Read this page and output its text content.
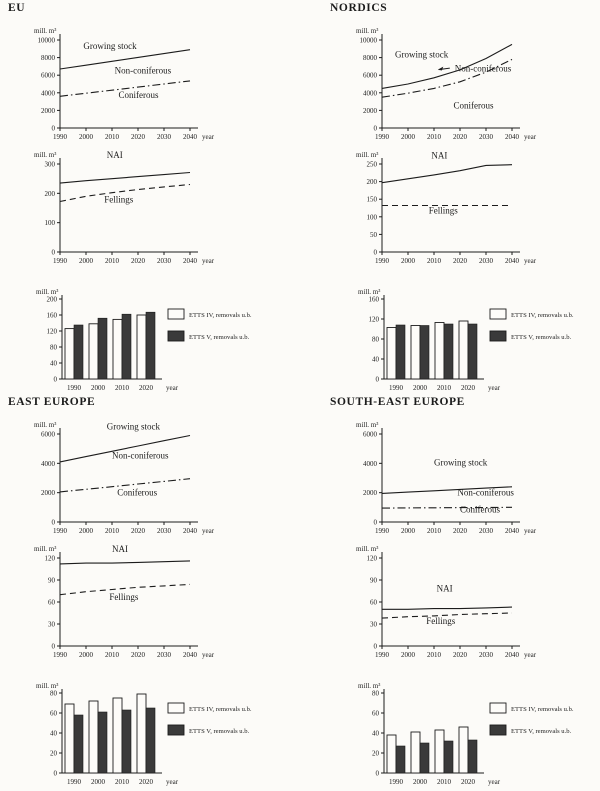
EU
mill. m³
0
2000
4000
6000
8000
10000
1990 2000 2010 2020 2030 2040 year
Growing stock
Non-coniferous
Coniferous
mill. m³
0
100
200
300
1990 2000 2010 2020 2030 2040 year
NAI
Fellings
mill. m³
0
40
80
120
160
200
1990 2000 2010 2020 year
ETTS IV, removals u.b.
ETTS V, removals u.b.
NORDICS
mill. m³
0
2000
4000
6000
8000
10000
1990 2000 2010 2020 2030 2040 year
Growing stock
Non-coniferous
Coniferous
mill. m³
0
50
100
150
200
250
1990 2000 2010 2020 2030 2040 year
NAI
Fellings
mill. m³
0
40
80
120
160
1990 2000 2010 2020 year
ETTS IV, removals u.b.
ETTS V, removals u.b.
EAST EUROPE
mill. m³
0
2000
4000
6000
1990 2000 2010 2020 2030 2040 year
Growing stock
Non-coniferous
Coniferous
mill. m³
0
30
60
90
120
1990 2000 2010 2020 2030 2040 year
NAI
Fellings
mill. m³
0
20
40
60
80
1990 2000 2010 2020 year
ETTS IV, removals u.b.
ETTS V, removals u.b.
SOUTH-EAST EUROPE
mill. m³
0
2000
4000
6000
1990 2000 2010 2020 2030 2040 year
Growing stock
Non-coniferous
Coniferous
mill. m³
0
30
60
90
120
1990 2000 2010 2020 2030 2040 year
NAI
Fellings
mill. m³
0
20
40
60
80
1990 2000 2010 2020 year
ETTS IV, removals u.b.
ETTS V, removals u.b.
